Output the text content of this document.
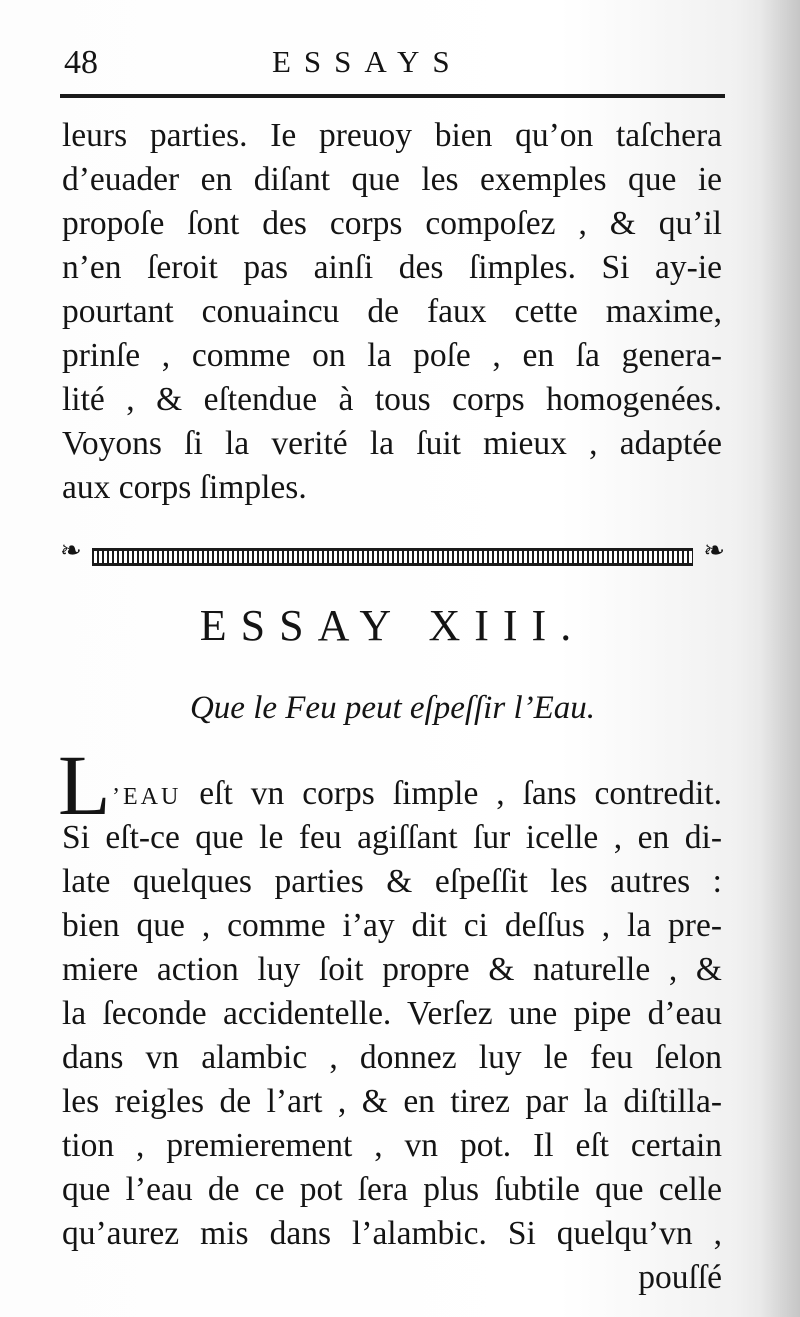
48	ESSAYS
leurs parties. Ie preuoy bien qu’on taſchera
d’euader en diſant que les exemples que ie
propoſe ſont des corps compoſez , & qu’il
n’en ſeroit pas ainſi des ſimples. Si ay-ie
pourtant conuaincu de faux cette maxime,
prinſe , comme on la poſe , en ſa genera-
lité , & eſtendue à tous corps homogenées.
Voyons ſi la verité la ſuit mieux , adaptée
aux corps ſimples.
❧	❧
ESSAY XIII.
Que le Feu peut eſpeſſir l’Eau.
L ’EAU eſt vn corps ſimple , ſans contredit.
Si eſt-ce que le feu agiſſant ſur icelle , en di-
late quelques parties & eſpeſſit les autres :
bien que , comme i’ay dit ci deſſus , la pre-
miere action luy ſoit propre & naturelle , &
la ſeconde accidentelle. Verſez une pipe d’eau
dans vn alambic , donnez luy le feu ſelon
les reigles de l’art , & en tirez par la diſtilla-
tion , premierement , vn pot. Il eſt certain
que l’eau de ce pot ſera plus ſubtile que celle
qu’aurez mis dans l’alambic. Si quelqu’vn ,
pouſſé
